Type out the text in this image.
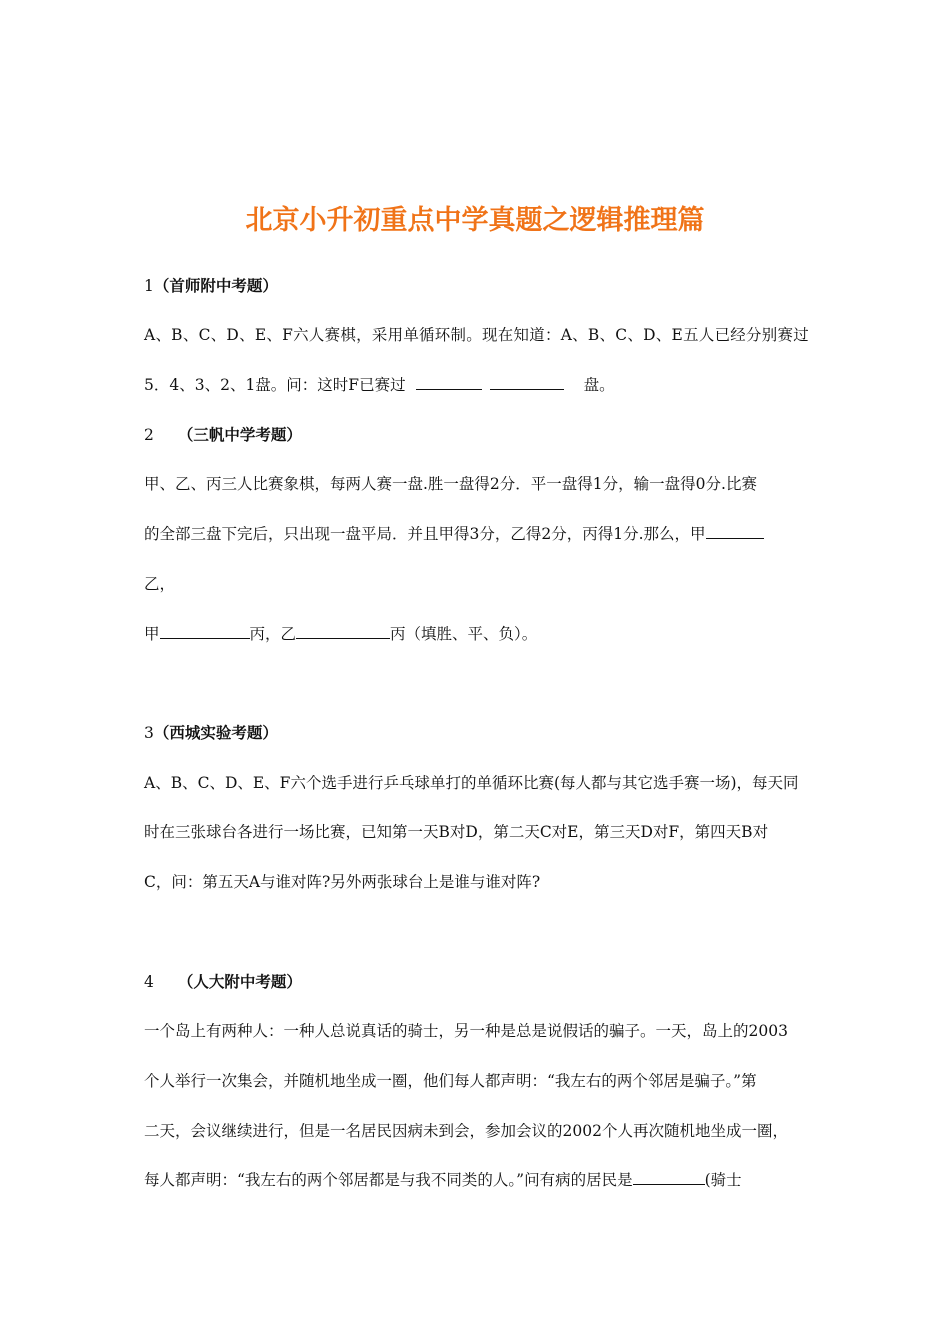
北京小升初重点中学真题之逻辑推理篇
1（首师附中考题）
A、B、C、D、E、F六人赛棋，采用单循环制。现在知道：A、B、C、D、E五人已经分别赛过
5．4、3、2、1盘。问：这时F已赛过	盘。
2 （三帆中学考题）
甲、乙、丙三人比赛象棋，每两人赛一盘.胜一盘得2分．平一盘得1分，输一盘得0分.比赛
的全部三盘下完后，只出现一盘平局．并且甲得3分，乙得2分，丙得1分.那么，甲
乙，
甲	丙，乙	丙（填胜、平、负）。
3（西城实验考题）
A、B、C、D、E、F六个选手进行乒乓球单打的单循环比赛(每人都与其它选手赛一场)，每天同
时在三张球台各进行一场比赛，已知第一天B对D，第二天C对E，第三天D对F，第四天B对
C，问：第五天A与谁对阵?另外两张球台上是谁与谁对阵?
4 （人大附中考题）
一个岛上有两种人：一种人总说真话的骑士，另一种是总是说假话的骗子。一天，岛上的2003
个人举行一次集会，并随机地坐成一圈，他们每人都声明：“我左右的两个邻居是骗子。”第
二天，会议继续进行，但是一名居民因病未到会，参加会议的2002个人再次随机地坐成一圈，
每人都声明：“我左右的两个邻居都是与我不同类的人。”问有病的居民是	(骑士
